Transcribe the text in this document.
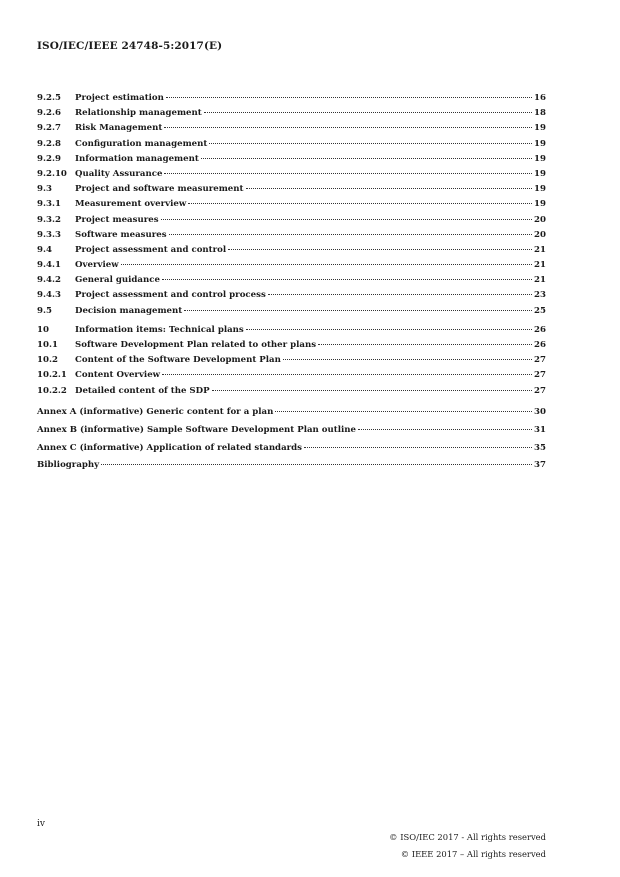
ISO/IEC/IEEE 24748-5:2017(E)
9.2.5	Project estimation	16
9.2.6	Relationship management	18
9.2.7	Risk Management	19
9.2.8	Configuration management	19
9.2.9	Information management	19
9.2.10 Quality Assurance	19
9.3	Project and software measurement	19
9.3.1	Measurement overview	19
9.3.2	Project measures	20
9.3.3	Software measures	20
9.4	Project assessment and control	21
9.4.1	Overview	21
9.4.2	General guidance	21
9.4.3	Project assessment and control process	23
9.5	Decision management	25
10	Information items: Technical plans	26
10.1	Software Development Plan related to other plans	26
10.2	Content of the Software Development Plan	27
10.2.1 Content Overview	27
10.2.2 Detailed content of the SDP	27
Annex A (informative) Generic content for a plan	30
Annex B (informative) Sample Software Development Plan outline	31
Annex C (informative) Application of related standards	35
Bibliography	37
iv
© ISO/IEC 2017 - All rights reserved
© IEEE 2017 – All rights reserved
